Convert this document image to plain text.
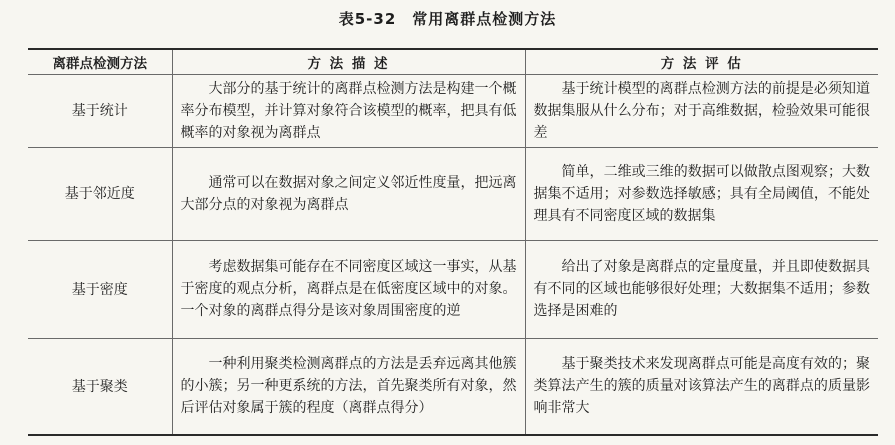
表5-32　常用离群点检测方法
离群点检测方法	方 法 描 述	方 法 评 估
基于统计	大部分的基于统计的离群点检测方法是构建一个概率分布模型，并计算对象符合该模型的概率，把具有低概率的对象视为离群点	基于统计模型的离群点检测方法的前提是必须知道数据集服从什么分布；对于高维数据，检验效果可能很差
基于邻近度	通常可以在数据对象之间定义邻近性度量，把远离大部分点的对象视为离群点	简单，二维或三维的数据可以做散点图观察；大数据集不适用；对参数选择敏感；具有全局阈值，不能处理具有不同密度区域的数据集
基于密度	考虑数据集可能存在不同密度区域这一事实，从基于密度的观点分析，离群点是在低密度区域中的对象。一个对象的离群点得分是该对象周围密度的逆	给出了对象是离群点的定量度量，并且即使数据具有不同的区域也能够很好处理；大数据集不适用；参数选择是困难的
基于聚类	一种利用聚类检测离群点的方法是丢弃远离其他簇的小簇；另一种更系统的方法，首先聚类所有对象，然后评估对象属于簇的程度（离群点得分）	基于聚类技术来发现离群点可能是高度有效的；聚类算法产生的簇的质量对该算法产生的离群点的质量影响非常大
